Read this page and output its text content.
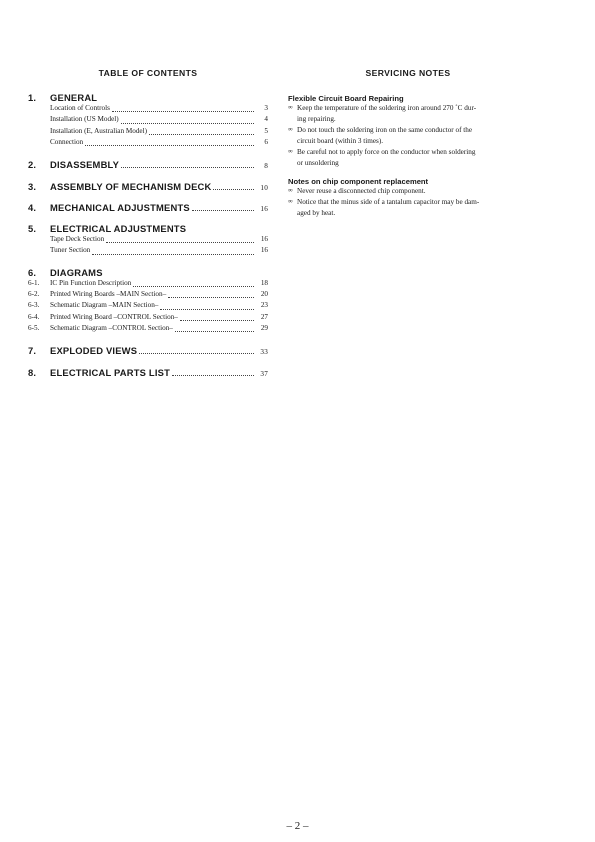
TABLE OF CONTENTS
1.	GENERAL
Location of Controls	3
Installation (US Model)	4
Installation (E, Australian Model)	5
Connection	6
2.	DISASSEMBLY	8
3.	ASSEMBLY OF MECHANISM DECK	10
4.	MECHANICAL ADJUSTMENTS	16
5.	ELECTRICAL ADJUSTMENTS
Tape Deck Section	16
Tuner Section	16
6.	DIAGRAMS
6-1.	IC Pin Function Description	18
6-2.	Printed Wiring Boards –MAIN Section–	20
6-3.	Schematic Diagram –MAIN Section–	23
6-4.	Printed Wiring Board –CONTROL Section–	27
6-5.	Schematic Diagram –CONTROL Section–	29
7.	EXPLODED VIEWS	33
8.	ELECTRICAL PARTS LIST	37
SERVICING NOTES
Flexible Circuit Board Repairing
∞ Keep the temperature of the soldering iron around 270 ˚C dur-
ing repairing.
∞ Do not touch the soldering iron on the same conductor of the
circuit board (within 3 times).
∞ Be careful not to apply force on the conductor when soldering
or unsoldering
Notes on chip component replacement
∞ Never reuse a disconnected chip component.
∞ Notice that the minus side of a tantalum capacitor may be dam-
aged by heat.
– 2 –
